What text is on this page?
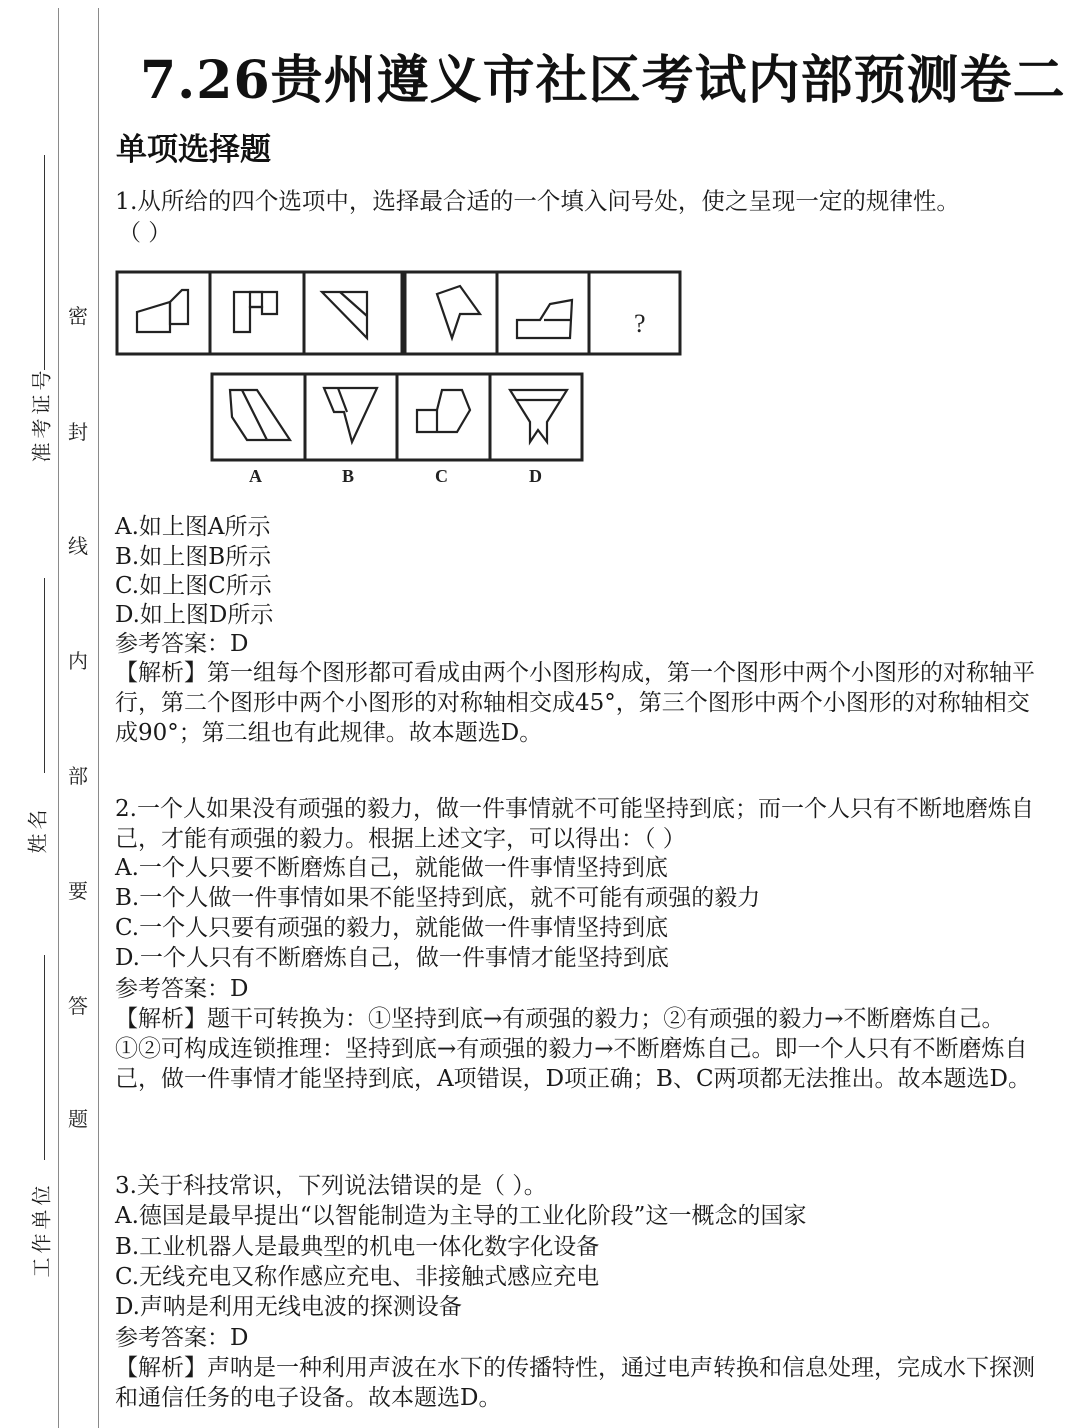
密
封
线
内
部
要
答
题
准考证号
姓名
工作单位
7.26贵州遵义市社区考试内部预测卷二
单项选择题
1.从所给的四个选项中，选择最合适的一个填入问号处，使之呈现一定的规律性。
（ ）
?
A	B	C	D
A.如上图A所示
B.如上图B所示
C.如上图C所示
D.如上图D所示
参考答案：D
【解析】第一组每个图形都可看成由两个小图形构成，第一个图形中两个小图形的对称轴平行，第二个图形中两个小图形的对称轴相交成45°，第三个图形中两个小图形的对称轴相交成90°；第二组也有此规律。故本题选D。
2.一个人如果没有顽强的毅力，做一件事情就不可能坚持到底；而一个人只有不断地磨炼自己，才能有顽强的毅力。根据上述文字，可以得出：（ ）
A.一个人只要不断磨炼自己，就能做一件事情坚持到底
B.一个人做一件事情如果不能坚持到底，就不可能有顽强的毅力
C.一个人只要有顽强的毅力，就能做一件事情坚持到底
D.一个人只有不断磨炼自己，做一件事情才能坚持到底
参考答案：D
【解析】题干可转换为：①坚持到底→有顽强的毅力；②有顽强的毅力→不断磨炼自己。①②可构成连锁推理：坚持到底→有顽强的毅力→不断磨炼自己。即一个人只有不断磨炼自己，做一件事情才能坚持到底，A项错误，D项正确；B、C两项都无法推出。故本题选D。
3.关于科技常识，下列说法错误的是（ ）。
A.德国是最早提出“以智能制造为主导的工业化阶段”这一概念的国家
B.工业机器人是最典型的机电一体化数字化设备
C.无线充电又称作感应充电、非接触式感应充电
D.声呐是利用无线电波的探测设备
参考答案：D
【解析】声呐是一种利用声波在水下的传播特性，通过电声转换和信息处理，完成水下探测和通信任务的电子设备。故本题选D。
